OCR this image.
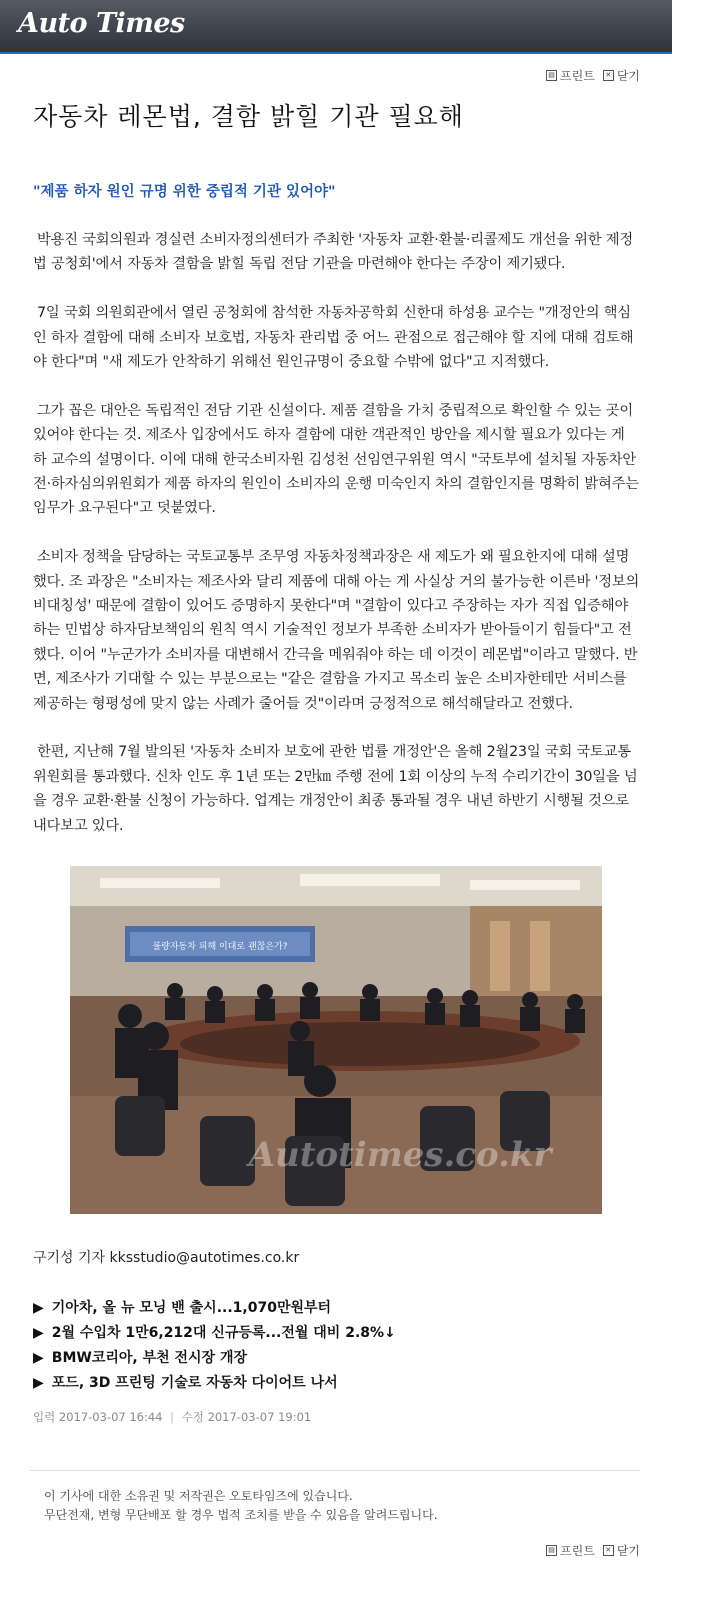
Auto Times
▤ 프린트	✕ 닫기
자동차 레몬법, 결함 밝힐 기관 필요해
"제품 하자 원인 규명 위한 중립적 기관 있어야"

박용진 국회의원과 경실련 소비자정의센터가 주최한 '자동차 교환·환불·리콜제도 개선을 위한 제정법 공청회'에서 자동차 결함을 밝힐 독립 전담 기관을 마련해야 한다는 주장이 제기됐다.

7일 국회 의원회관에서 열린 공청회에 참석한 자동차공학회 신한대 하성용 교수는 "개정안의 핵심인 하자 결함에 대해 소비자 보호법, 자동차 관리법 중 어느 관점으로 접근해야 할 지에 대해 검토해야 한다"며 "새 제도가 안착하기 위해선 원인규명이 중요할 수밖에 없다"고 지적했다.

그가 꼽은 대안은 독립적인 전담 기관 신설이다. 제품 결함을 가치 중립적으로 확인할 수 있는 곳이 있어야 한다는 것. 제조사 입장에서도 하자 결함에 대한 객관적인 방안을 제시할 필요가 있다는 게 하 교수의 설명이다. 이에 대해 한국소비자원 김성천 선임연구위원 역시 "국토부에 설치될 자동차안전·하자심의위원회가 제품 하자의 원인이 소비자의 운행 미숙인지 차의 결함인지를 명확히 밝혀주는 임무가 요구된다"고 덧붙였다.

소비자 정책을 담당하는 국토교통부 조무영 자동차정책과장은 새 제도가 왜 필요한지에 대해 설명했다. 조 과장은 "소비자는 제조사와 달리 제품에 대해 아는 게 사실상 거의 불가능한 이른바 '정보의 비대칭성' 때문에 결함이 있어도 증명하지 못한다"며 "결함이 있다고 주장하는 자가 직접 입증해야 하는 민법상 하자담보책임의 원칙 역시 기술적인 정보가 부족한 소비자가 받아들이기 힘들다"고 전했다. 이어 "누군가가 소비자를 대변해서 간극을 메워줘야 하는 데 이것이 레몬법"이라고 말했다. 반면, 제조사가 기대할 수 있는 부분으로는 "같은 결함을 가지고 목소리 높은 소비자한테만 서비스를 제공하는 형평성에 맞지 않는 사례가 줄어들 것"이라며 긍정적으로 해석해달라고 전했다.

한편, 지난해 7월 발의된 '자동차 소비자 보호에 관한 법률 개정안'은 올해 2월23일 국회 국토교통위원회를 통과했다. 신차 인도 후 1년 또는 2만㎞ 주행 전에 1회 이상의 누적 수리기간이 30일을 넘을 경우 교환·환불 신청이 가능하다. 업계는 개정안이 최종 통과될 경우 내년 하반기 시행될 것으로 내다보고 있다.

불량자동차 피해 이대로 괜찮은가?
Autotimes.co.kr
구기성 기자 kksstudio@autotimes.co.kr
▶ 기아차, 올 뉴 모닝 밴 출시...1,070만원부터
▶ 2월 수입차 1만6,212대 신규등록...전월 대비 2.8%↓
▶ BMW코리아, 부천 전시장 개장
▶ 포드, 3D 프린팅 기술로 자동차 다이어트 나서
입력 2017-03-07 16:44 | 수정 2017-03-07 19:01
이 기사에 대한 소유권 및 저작권은 오토타임즈에 있습니다.
무단전재, 변형 무단배포 할 경우 법적 조치를 받을 수 있음을 알려드립니다.
▤ 프린트	✕ 닫기
